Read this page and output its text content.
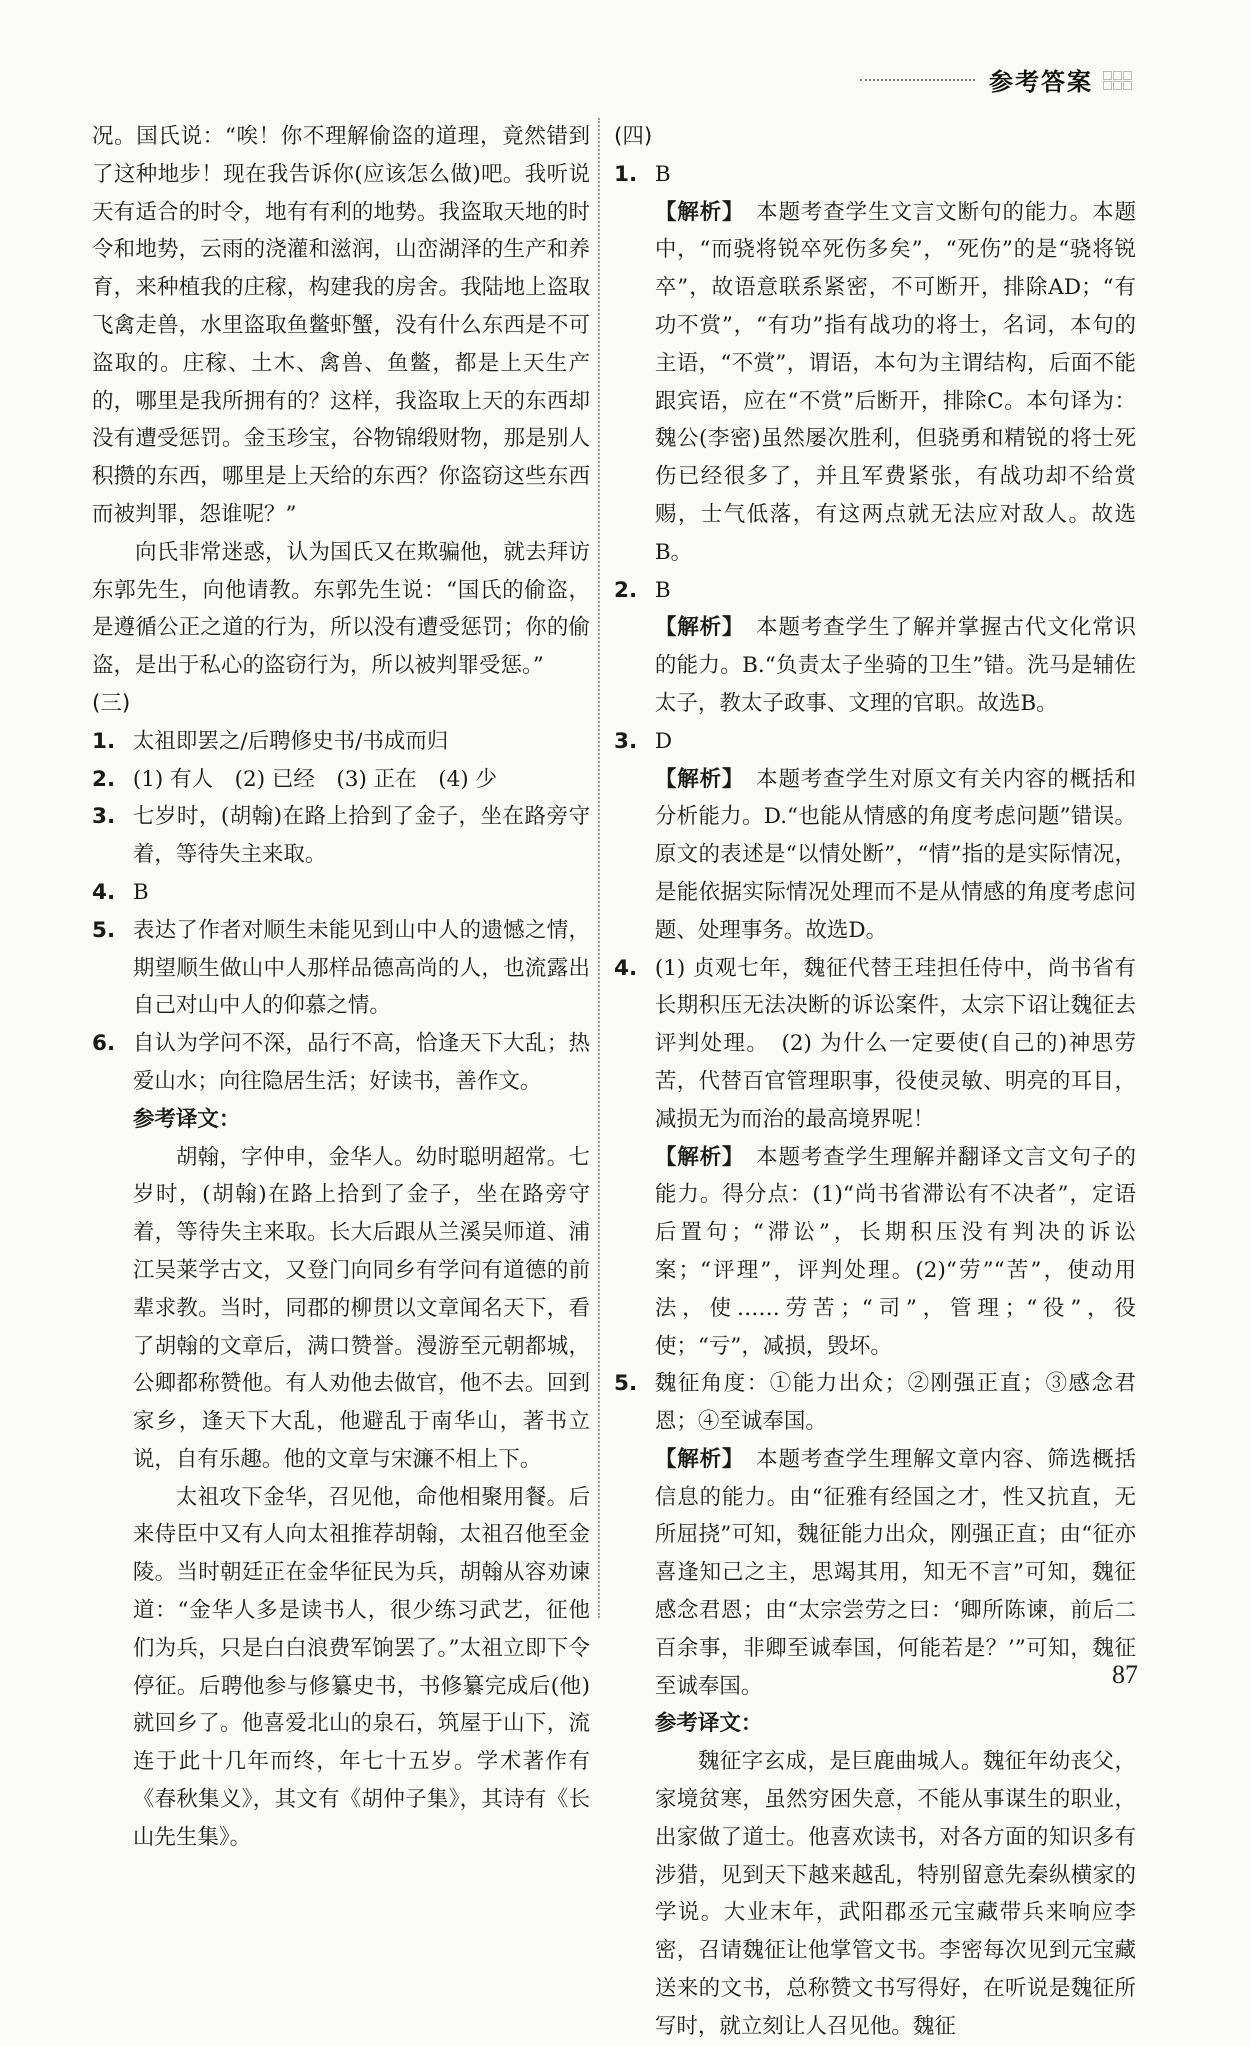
参考答案

况。国氏说：“唉！你不理解偷盗的道理，竟然错到了这种地步！现在我告诉你(应该怎么做)吧。我听说天有适合的时令，地有有利的地势。我盗取天地的时令和地势，云雨的浇灌和滋润，山峦湖泽的生产和养育，来种植我的庄稼，构建我的房舍。我陆地上盗取飞禽走兽，水里盗取鱼鳖虾蟹，没有什么东西是不可盗取的。庄稼、土木、禽兽、鱼鳖，都是上天生产的，哪里是我所拥有的？这样，我盗取上天的东西却没有遭受惩罚。金玉珍宝，谷物锦缎财物，那是别人积攒的东西，哪里是上天给的东西？你盗窃这些东西而被判罪，怨谁呢？”

向氏非常迷惑，认为国氏又在欺骗他，就去拜访东郭先生，向他请教。东郭先生说：“国氏的偷盗，是遵循公正之道的行为，所以没有遭受惩罚；你的偷盗，是出于私心的盗窃行为，所以被判罪受惩。”

(三)

1. 太祖即罢之/后聘修史书/书成而归
2. (1) 有人　(2) 已经　(3) 正在　(4) 少
3. 七岁时，(胡翰)在路上拾到了金子，坐在路旁守着，等待失主来取。
4. B
5. 表达了作者对顺生未能见到山中人的遗憾之情，期望顺生做山中人那样品德高尚的人，也流露出自己对山中人的仰慕之情。
6. 自认为学问不深，品行不高，恰逢天下大乱；热爱山水；向往隐居生活；好读书，善作文。

参考译文：

胡翰，字仲申，金华人。幼时聪明超常。七岁时，(胡翰)在路上拾到了金子，坐在路旁守着，等待失主来取。长大后跟从兰溪吴师道、浦江吴莱学古文，又登门向同乡有学问有道德的前辈求教。当时，同郡的柳贯以文章闻名天下，看了胡翰的文章后，满口赞誉。漫游至元朝都城，公卿都称赞他。有人劝他去做官，他不去。回到家乡，逢天下大乱，他避乱于南华山，著书立说，自有乐趣。他的文章与宋濂不相上下。

太祖攻下金华，召见他，命他相聚用餐。后来侍臣中又有人向太祖推荐胡翰，太祖召他至金陵。当时朝廷正在金华征民为兵，胡翰从容劝谏道：“金华人多是读书人，很少练习武艺，征他们为兵，只是白白浪费军饷罢了。”太祖立即下令停征。后聘他参与修纂史书，书修纂完成后(他)就回乡了。他喜爱北山的泉石，筑屋于山下，流连于此十几年而终，年七十五岁。学术著作有《春秋集义》，其文有《胡仲子集》，其诗有《长山先生集》。

(四)

1. B

【解析】　 本题考查学生文言文断句的能力。本题中，“而骁将锐卒死伤多矣”，“死伤”的是“骁将锐卒”，故语意联系紧密，不可断开，排除AD；“有功不赏”，“有功”指有战功的将士，名词，本句的主语，“不赏”，谓语，本句为主谓结构，后面不能跟宾语，应在“不赏”后断开，排除C。本句译为：魏公(李密)虽然屡次胜利，但骁勇和精锐的将士死伤已经很多了，并且军费紧张，有战功却不给赏赐，士气低落，有这两点就无法应对敌人。故选B。

2. B

【解析】　 本题考查学生了解并掌握古代文化常识的能力。B.“负责太子坐骑的卫生”错。洗马是辅佐太子，教太子政事、文理的官职。故选B。

3. D

【解析】　 本题考查学生对原文有关内容的概括和分析能力。D.“也能从情感的角度考虑问题”错误。原文的表述是“以情处断”，“情”指的是实际情况，是能依据实际情况处理而不是从情感的角度考虑问题、处理事务。故选D。

4. (1) 贞观七年，魏征代替王珪担任侍中，尚书省有长期积压无法决断的诉讼案件，太宗下诏让魏征去评判处理。　(2) 为什么一定要使(自己的)神思劳苦，代替百官管理职事，役使灵敏、明亮的耳目，减损无为而治的最高境界呢！

【解析】　 本题考查学生理解并翻译文言文句子的能力。得分点：(1)“尚书省滞讼有不决者”，定语后置句；“滞讼”，长期积压没有判决的诉讼案；“评理”，评判处理。(2)“劳”“苦”，使动用法，使……劳苦；“司”，管理；“役”，役使；“亏”，减损，毁坏。

5. 魏征角度：①能力出众；②刚强正直；③感念君恩；④至诚奉国。

【解析】　 本题考查学生理解文章内容、筛选概括信息的能力。由“征雅有经国之才，性又抗直，无所屈挠”可知，魏征能力出众，刚强正直；由“征亦喜逢知己之主，思竭其用，知无不言”可知，魏征感念君恩；由“太宗尝劳之曰：‘卿所陈谏，前后二百余事，非卿至诚奉国，何能若是？’”可知，魏征至诚奉国。

参考译文：

魏征字玄成，是巨鹿曲城人。魏征年幼丧父，家境贫寒，虽然穷困失意，不能从事谋生的职业，出家做了道士。他喜欢读书，对各方面的知识多有涉猎，见到天下越来越乱，特别留意先秦纵横家的学说。大业末年，武阳郡丞元宝藏带兵来响应李密，召请魏征让他掌管文书。李密每次见到元宝藏送来的文书，总称赞文书写得好，在听说是魏征所写时，就立刻让人召见他。魏征

87
